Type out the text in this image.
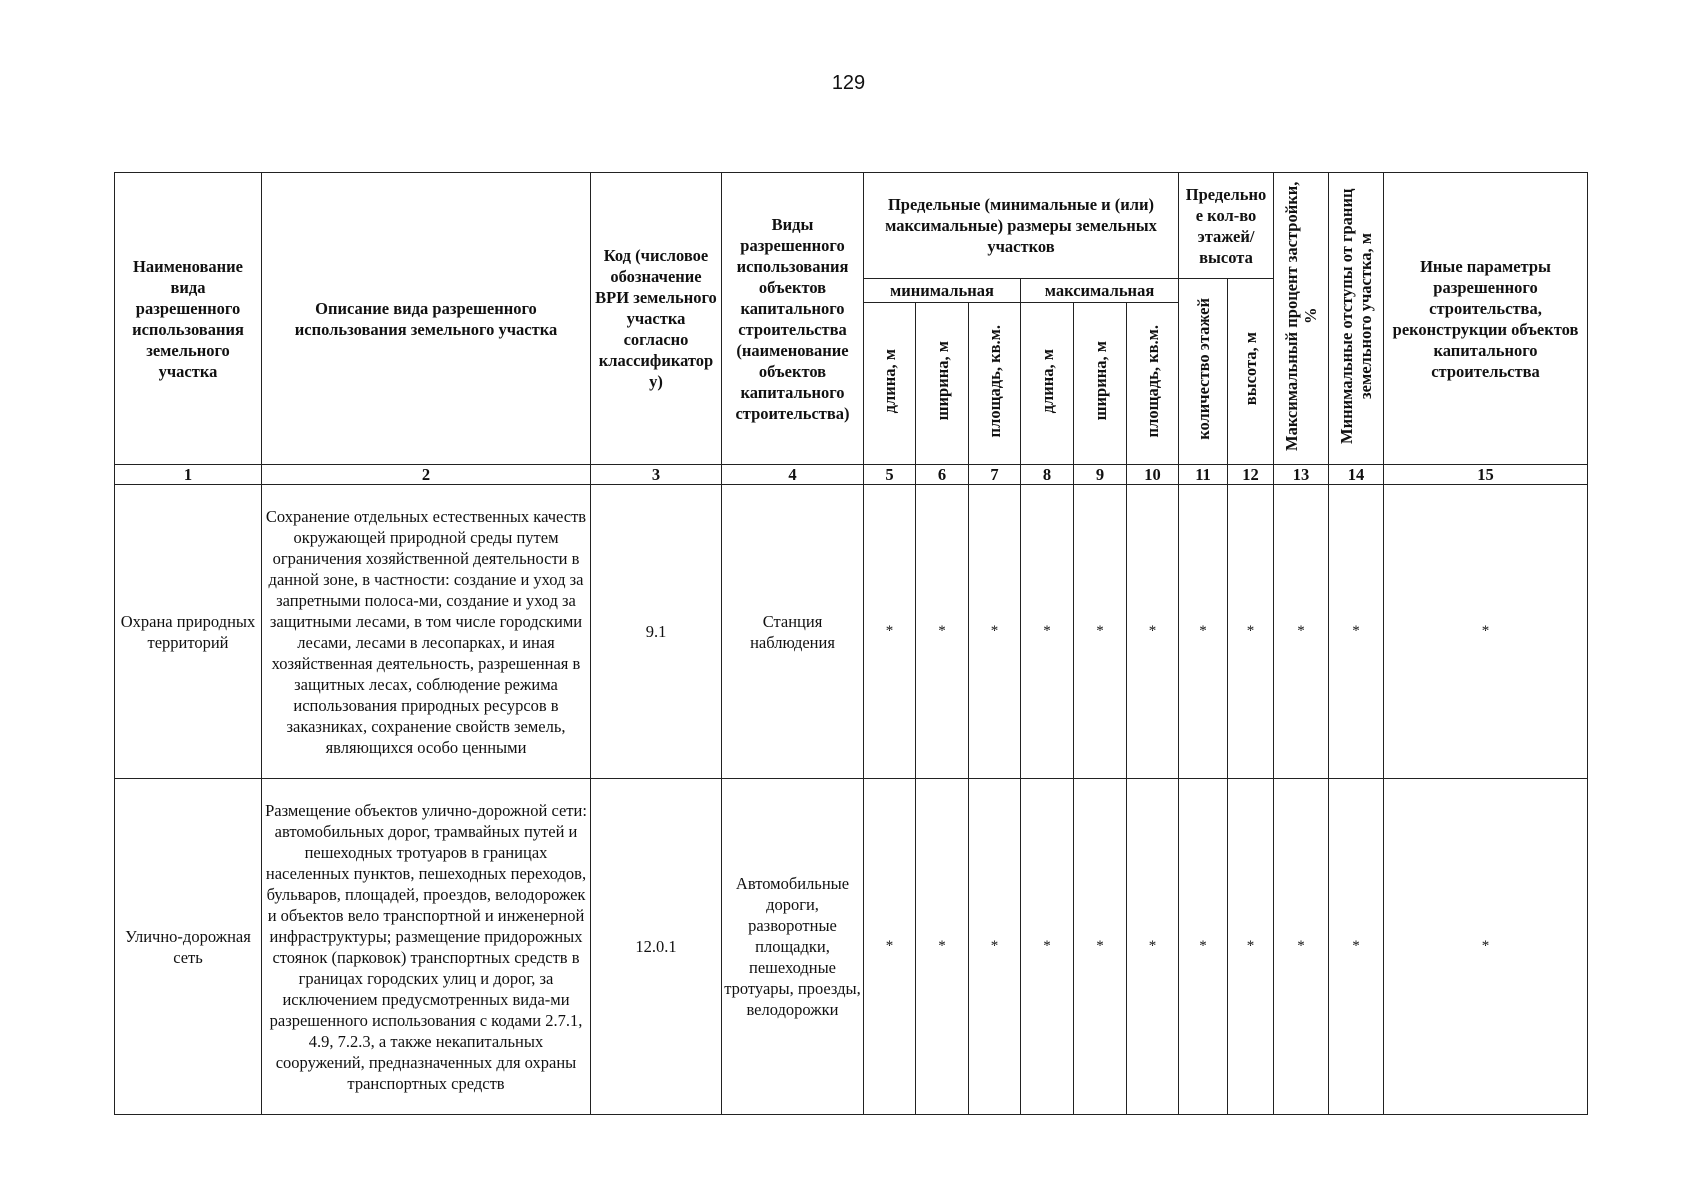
129
Наименование вида разрешенного использования земельного участка	Описание вида разрешенного использования земельного участка	Код (числовое обозначение ВРИ земельного участка согласно классификатор у)	Виды разрешенного использования объектов капитального строительства (наименование объектов капитального строительства)	Предельные (минимальные и (или) максимальные) размеры земельных участков						Предельно е кол-во этажей/ высота		Максимальный процент застройки, %	Минимальные отступы от границ земельного участка, м	Иные параметры разрешенного строительства, реконструкции объектов капитального строительства
				минимальная			максимальная			количество этажей	высота, м			
				длина, м	ширина, м	площадь, кв.м.	длина, м	ширина, м	площадь, кв.м.					
1	2	3	4	5	6	7	8	9	10	11	12	13	14	15
Охрана природных территорий	Сохранение отдельных естественных качеств окружающей природной среды путем ограничения хозяйственной деятельности в данной зоне, в частности: создание и уход за запретными полоса-ми, создание и уход за защитными лесами, в том числе городскими лесами, лесами в лесопарках, и иная хозяйственная деятельность, разрешенная в защитных лесах, соблюдение режима использования природных ресурсов в заказниках, сохранение свойств земель, являющихся особо ценными	9.1	Станция наблюдения	*	*	*	*	*	*	*	*	*	*	*
Улично-дорожная сеть	Размещение объектов улично-дорожной сети: автомобильных дорог, трамвайных путей и пешеходных тротуаров в границах населенных пунктов, пешеходных переходов, бульваров, площадей, проездов, велодорожек и объектов вело транспортной и инженерной инфраструктуры; размещение придорожных стоянок (парковок) транспортных средств в границах городских улиц и дорог, за исключением предусмотренных вида-ми разрешенного использования с кодами 2.7.1, 4.9, 7.2.3, а также некапитальных сооружений, предназначенных для охраны транспортных средств	12.0.1	Автомобильные дороги, разворотные площадки, пешеходные тротуары, проезды, велодорожки	*	*	*	*	*	*	*	*	*	*	*
